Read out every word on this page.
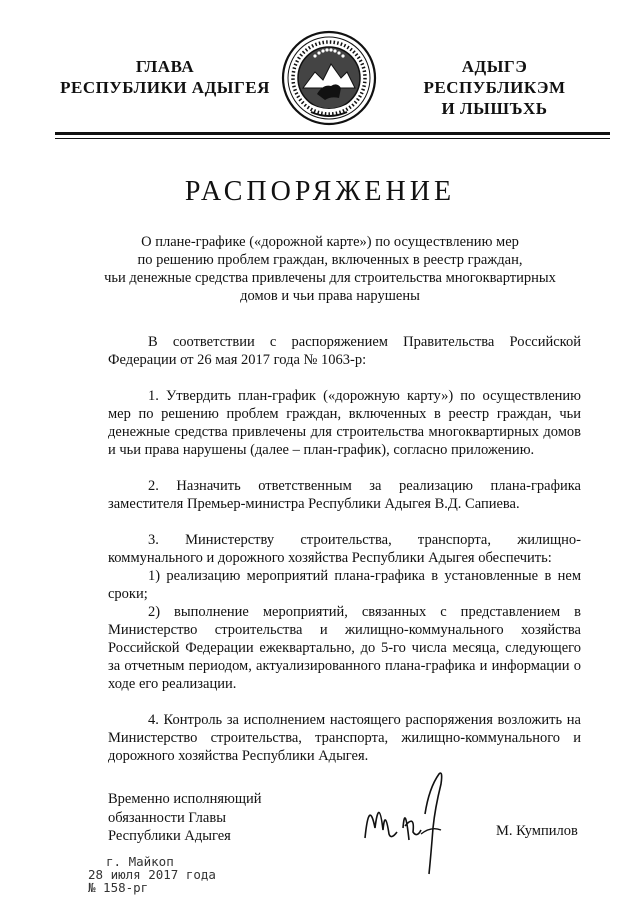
ГЛАВА
РЕСПУБЛИКИ АДЫГЕЯ
АДЫГЭ РЕСПУБЛИКЭМ
И ЛЫШЪХЬ
РАСПОРЯЖЕНИЕ
О плане-графике («дорожной карте») по осуществлению мер
по решению проблем граждан, включенных в реестр граждан,
чьи денежные средства привлечены для строительства многоквартирных
домов и чьи права нарушены

В соответствии с распоряжением Правительства Российской Федерации от 26 мая 2017 года № 1063-р:

1. Утвердить план-график («дорожную карту») по осуществлению мер по решению проблем граждан, включенных в реестр граждан, чьи денежные средства привлечены для строительства многоквартирных домов и чьи права нарушены (далее – план-график), согласно приложению.

2. Назначить ответственным за реализацию плана-графика заместителя Премьер-министра Республики Адыгея В.Д. Сапиева.

3. Министерству строительства, транспорта, жилищно-коммунального и дорожного хозяйства Республики Адыгея обеспечить:

1) реализацию мероприятий плана-графика в установленные в нем сроки;

2) выполнение мероприятий, связанных с представлением в Министерство строительства и жилищно-коммунального хозяйства Российской Федерации ежеквартально, до 5-го числа месяца, следующего за отчетным периодом, актуализированного плана-графика и информации о ходе его реализации.

4. Контроль за исполнением настоящего распоряжения возложить на Министерство строительства, транспорта, жилищно-коммунального и дорожного хозяйства Республики Адыгея.

Временно исполняющий
обязанности Главы
Республики Адыгея	М. Кумпилов
г. Майкоп
28 июля 2017 года
№ 158-рг
